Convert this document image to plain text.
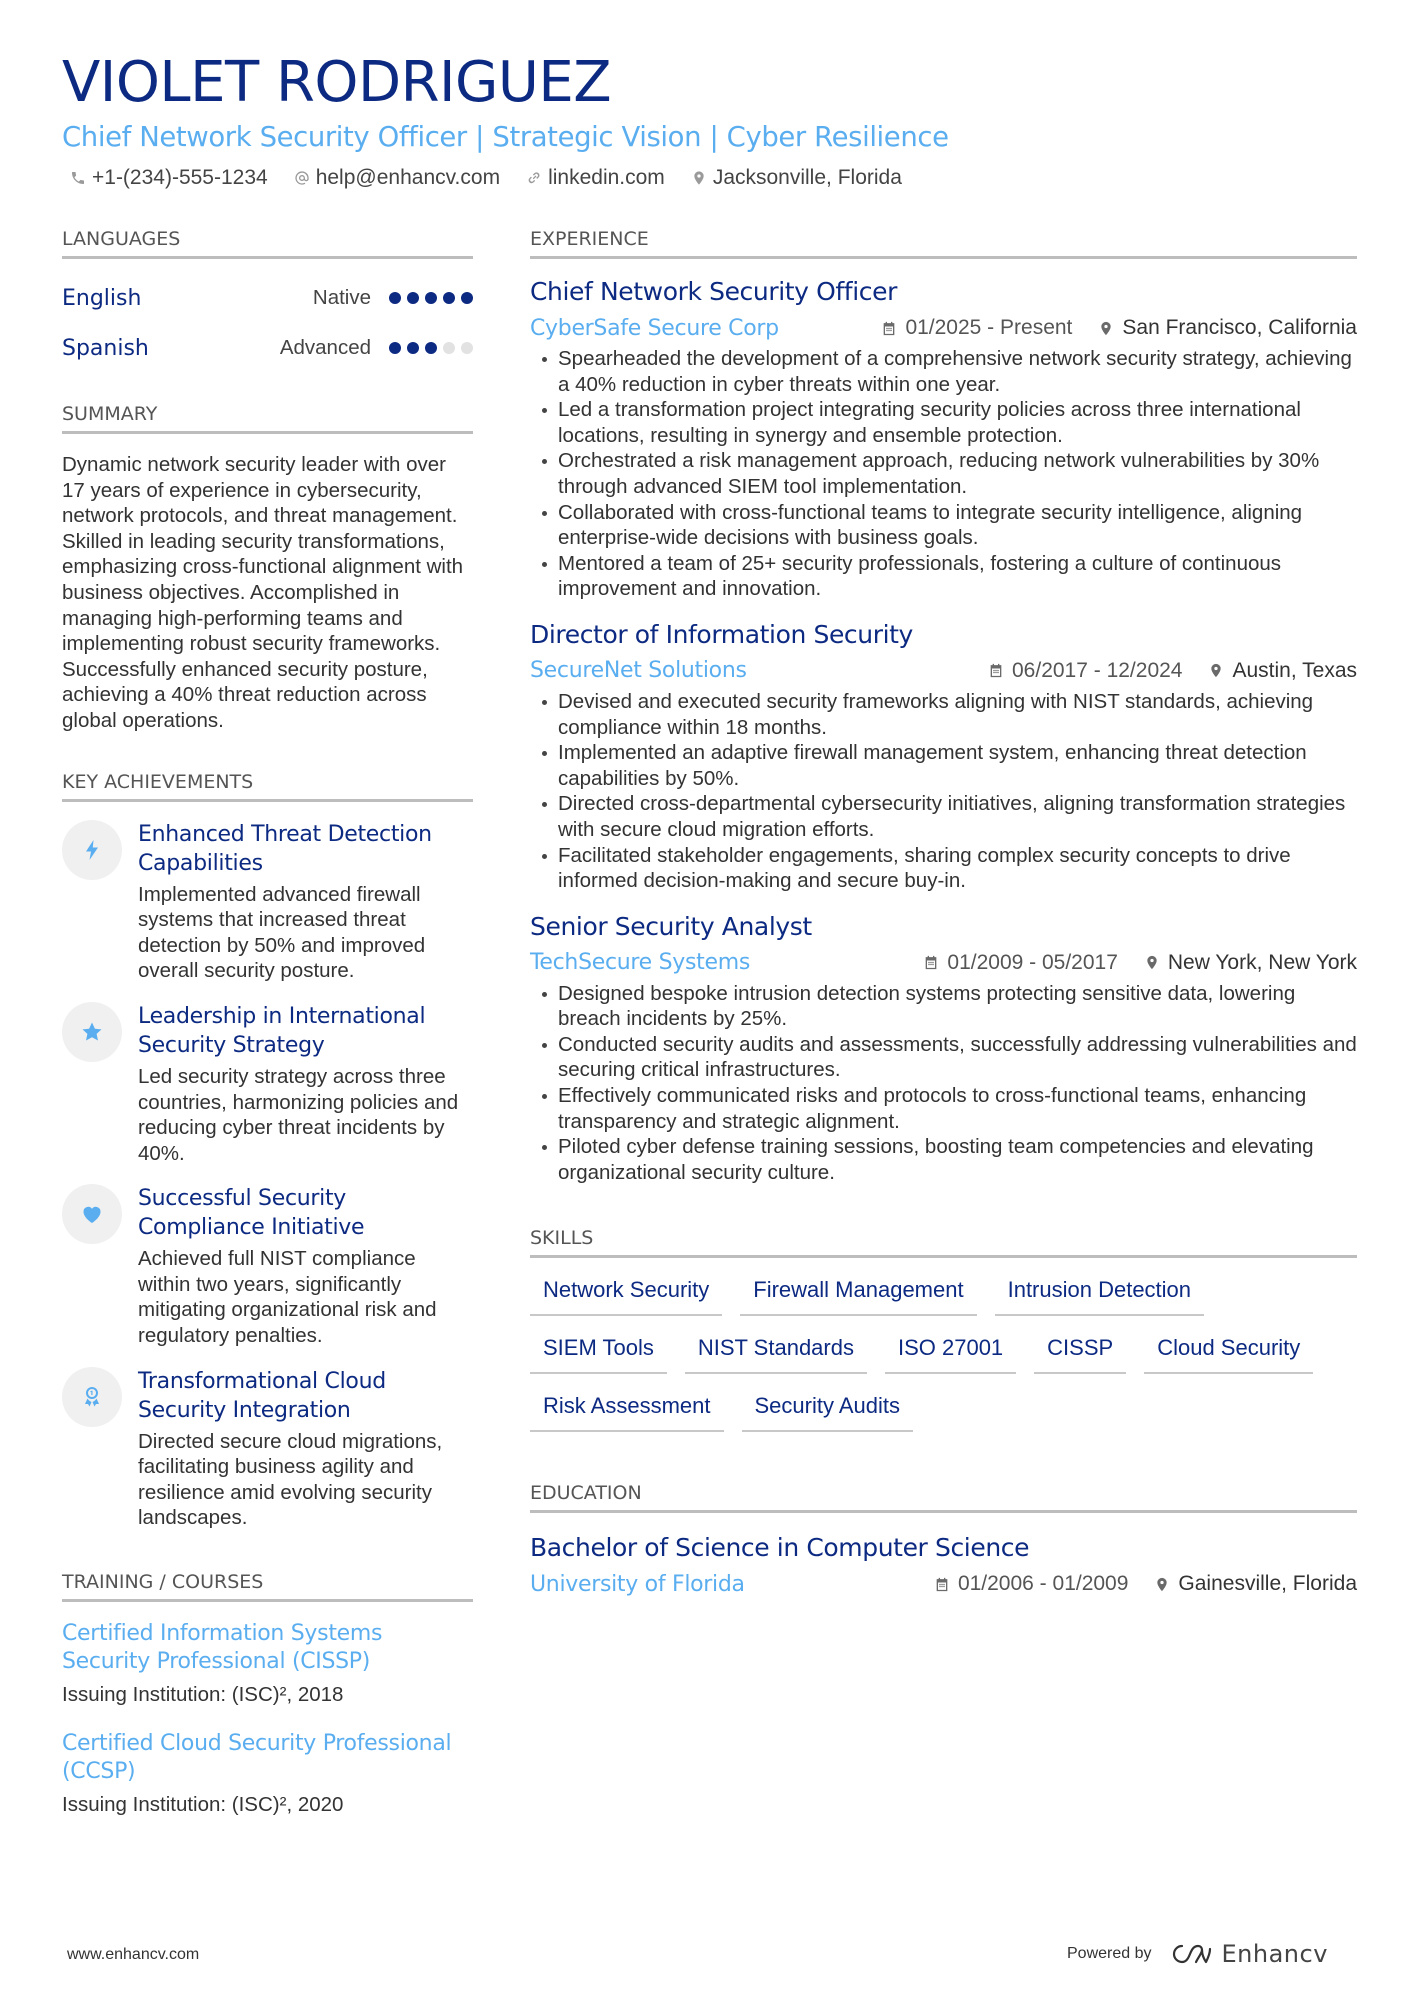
VIOLET RODRIGUEZ
Chief Network Security Officer | Strategic Vision | Cyber Resilience
+1-(234)-555-1234 help@enhancv.com linkedin.com Jacksonville, Florida
LANGUAGES
English	Native
Spanish	Advanced
SUMMARY

Dynamic network security leader with over 17 years of experience in cybersecurity, network protocols, and threat management. Skilled in leading security transformations, emphasizing cross-functional alignment with business objectives. Accomplished in managing high-performing teams and implementing robust security frameworks. Successfully enhanced security posture, achieving a 40% threat reduction across global operations.

KEY ACHIEVEMENTS
Enhanced Threat Detection Capabilities
Implemented advanced firewall systems that increased threat detection by 50% and improved overall security posture.
Leadership in International Security Strategy
Led security strategy across three countries, harmonizing policies and reducing cyber threat incidents by 40%.
Successful Security Compliance Initiative
Achieved full NIST compliance within two years, significantly mitigating organizational risk and regulatory penalties.
Transformational Cloud Security Integration
Directed secure cloud migrations, facilitating business agility and resilience amid evolving security landscapes.
TRAINING / COURSES
Certified Information Systems Security Professional (CISSP)
Issuing Institution: (ISC)², 2018
Certified Cloud Security Professional (CCSP)
Issuing Institution: (ISC)², 2020
EXPERIENCE
Chief Network Security Officer
CyberSafe Secure Corp	01/2025 - Present San Francisco, California
Spearheaded the development of a comprehensive network security strategy, achieving a 40% reduction in cyber threats within one year.
Led a transformation project integrating security policies across three international locations, resulting in synergy and ensemble protection.
Orchestrated a risk management approach, reducing network vulnerabilities by 30% through advanced SIEM tool implementation.
Collaborated with cross-functional teams to integrate security intelligence, aligning enterprise-wide decisions with business goals.
Mentored a team of 25+ security professionals, fostering a culture of continuous improvement and innovation.
Director of Information Security
SecureNet Solutions	06/2017 - 12/2024 Austin, Texas
Devised and executed security frameworks aligning with NIST standards, achieving compliance within 18 months.
Implemented an adaptive firewall management system, enhancing threat detection capabilities by 50%.
Directed cross-departmental cybersecurity initiatives, aligning transformation strategies with secure cloud migration efforts.
Facilitated stakeholder engagements, sharing complex security concepts to drive informed decision-making and secure buy-in.
Senior Security Analyst
TechSecure Systems	01/2009 - 05/2017 New York, New York
Designed bespoke intrusion detection systems protecting sensitive data, lowering breach incidents by 25%.
Conducted security audits and assessments, successfully addressing vulnerabilities and securing critical infrastructures.
Effectively communicated risks and protocols to cross-functional teams, enhancing transparency and strategic alignment.
Piloted cyber defense training sessions, boosting team competencies and elevating organizational security culture.
SKILLS
Network Security	Firewall Management	Intrusion Detection
SIEM Tools	NIST Standards	ISO 27001	CISSP	Cloud Security
Risk Assessment	Security Audits
EDUCATION
Bachelor of Science in Computer Science
University of Florida	01/2006 - 01/2009 Gainesville, Florida
www.enhancv.com	Powered by	Enhancv
